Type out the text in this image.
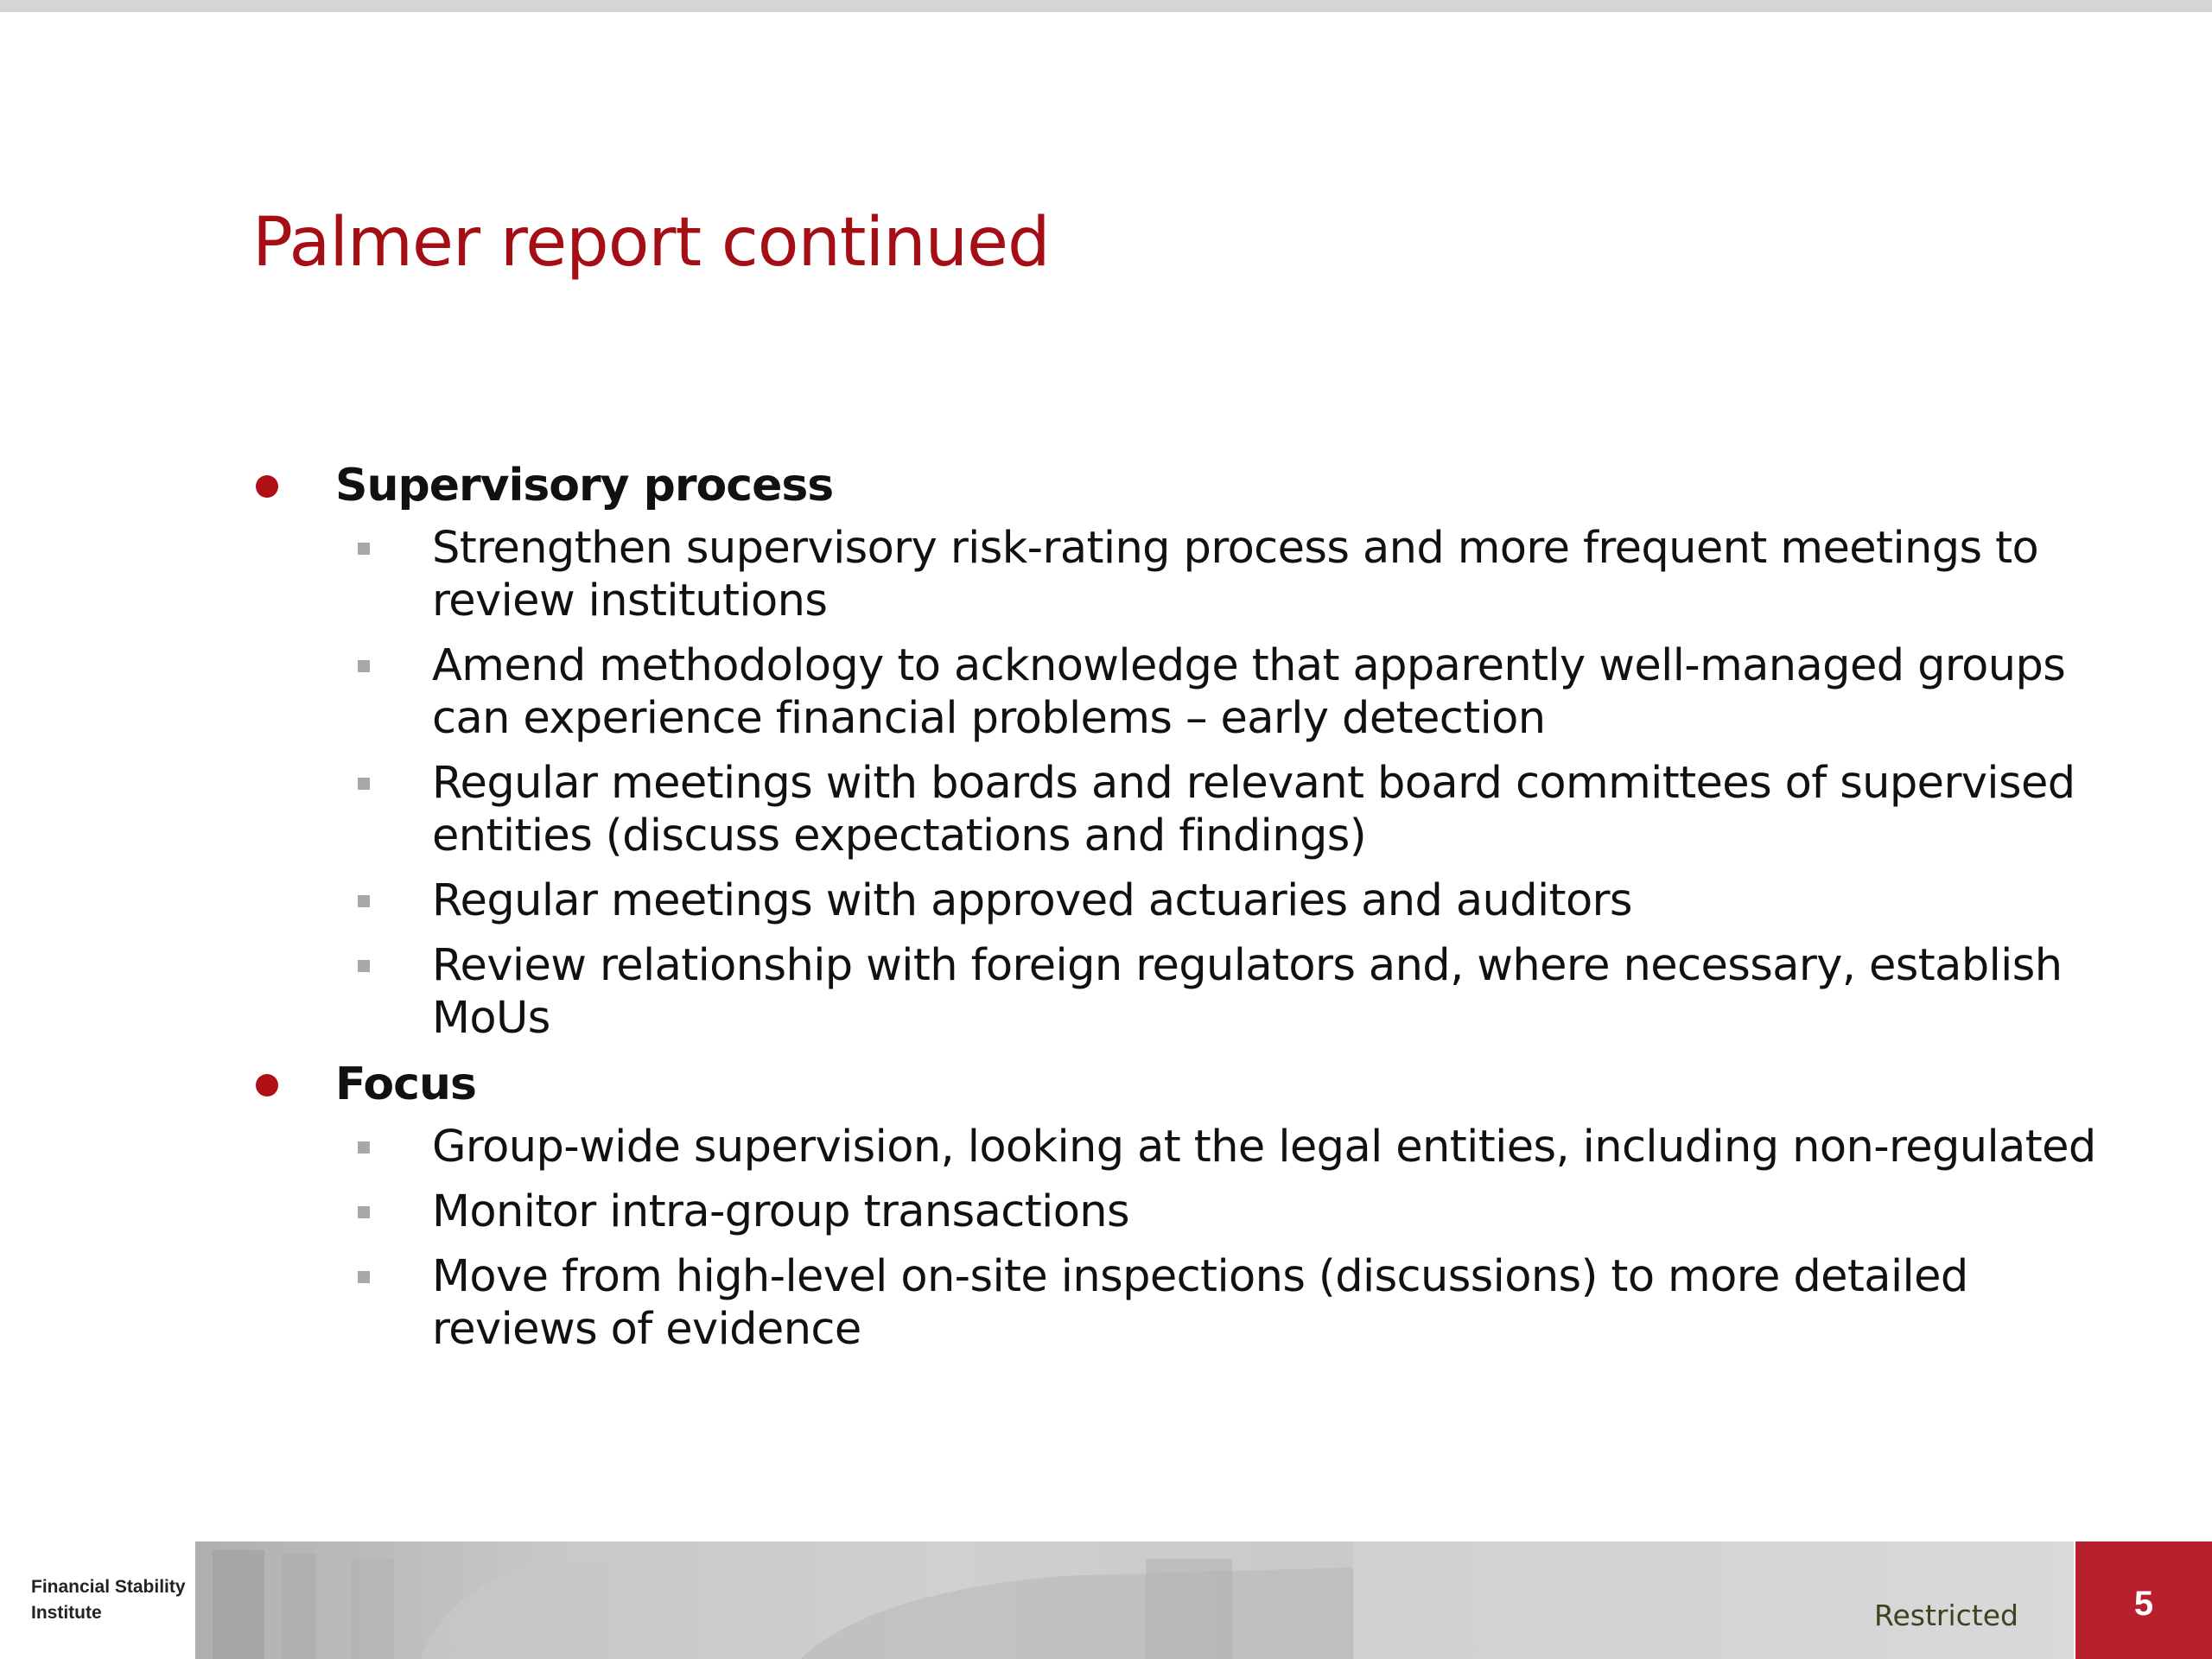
Palmer report continued
Supervisory process
Strengthen supervisory risk-rating process and more frequent meetings to review institutions
Amend methodology to acknowledge that apparently well-managed groups can experience financial problems – early detection
Regular meetings with boards and relevant board committees of supervised entities (discuss expectations and findings)
Regular meetings with approved actuaries and auditors
Review relationship with foreign regulators and, where necessary, establish MoUs
Focus
Group-wide supervision, looking at the legal entities, including non-regulated
Monitor intra-group transactions
Move from high-level on-site inspections (discussions) to more detailed reviews of evidence
Financial Stability
Institute	Restricted	5
